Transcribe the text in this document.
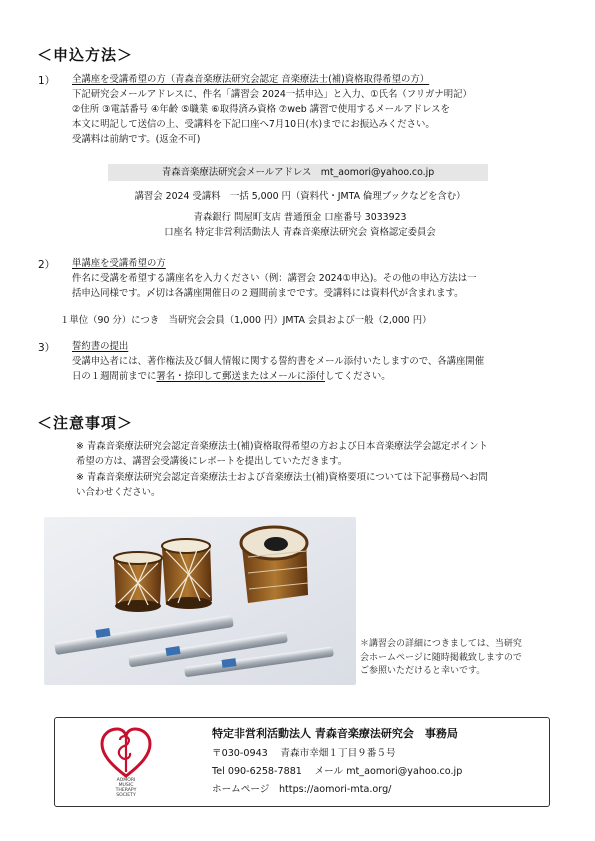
＜申込方法＞
1） 全講座を受講希望の方（青森音楽療法研究会認定 音楽療法士(補)資格取得希望の方）
下記研究会メールアドレスに、件名「講習会 2024一括申込」と入力、①氏名（フリガナ明記）
②住所 ③電話番号 ④年齢 ⑤職業 ⑥取得済み資格 ⑦web 講習で使用するメールアドレスを
本文に明記して送信の上、受講料を下記口座へ7月10日(水)までにお振込みください。
受講料は前納です。(返金不可)
青森音楽療法研究会メールアドレス　mt_aomori@yahoo.co.jp
講習会 2024 受講料　一括 5,000 円（資料代・JMTA 倫理ブックなどを含む）
青森銀行 問屋町支店 普通預金 口座番号 3033923
口座名 特定非営利活動法人 青森音楽療法研究会 資格認定委員会
2） 単講座を受講希望の方
件名に受講を希望する講座名を入力ください（例：講習会 2024①申込)。その他の申込方法は一
括申込同様です。〆切は各講座開催日の２週間前までです。受講料には資料代が含まれます。
１単位（90 分）につき　当研究会会員（1,000 円）JMTA 会員および一般（2,000 円）
3） 誓約書の提出
受講申込者には、著作権法及び個人情報に関する誓約書をメール添付いたしますので、各講座開催
日の１週間前までに署名・捺印して郵送またはメールに添付してください。
＜注意事項＞
※ 青森音楽療法研究会認定音楽療法士(補)資格取得希望の方および日本音楽療法学会認定ポイント
希望の方は、講習会受講後にレポートを提出していただきます。
※ 青森音楽療法研究会認定音楽療法士および音楽療法士(補)資格要項については下記事務局へお問
い合わせください。
＊講習会の詳細につきましては、当研究
会ホームページに随時掲載致しますので
ご参照いただけると幸いです。
AOMORI
MUSIC
THERAPY
SOCIETY
特定非営利活動法人 青森音楽療法研究会　事務局
〒030-0943　 青森市幸畑１丁目９番５号
Tel 090-6258-7881　 メール mt_aomori@yahoo.co.jp
ホームページ　https://aomori-mta.org/
